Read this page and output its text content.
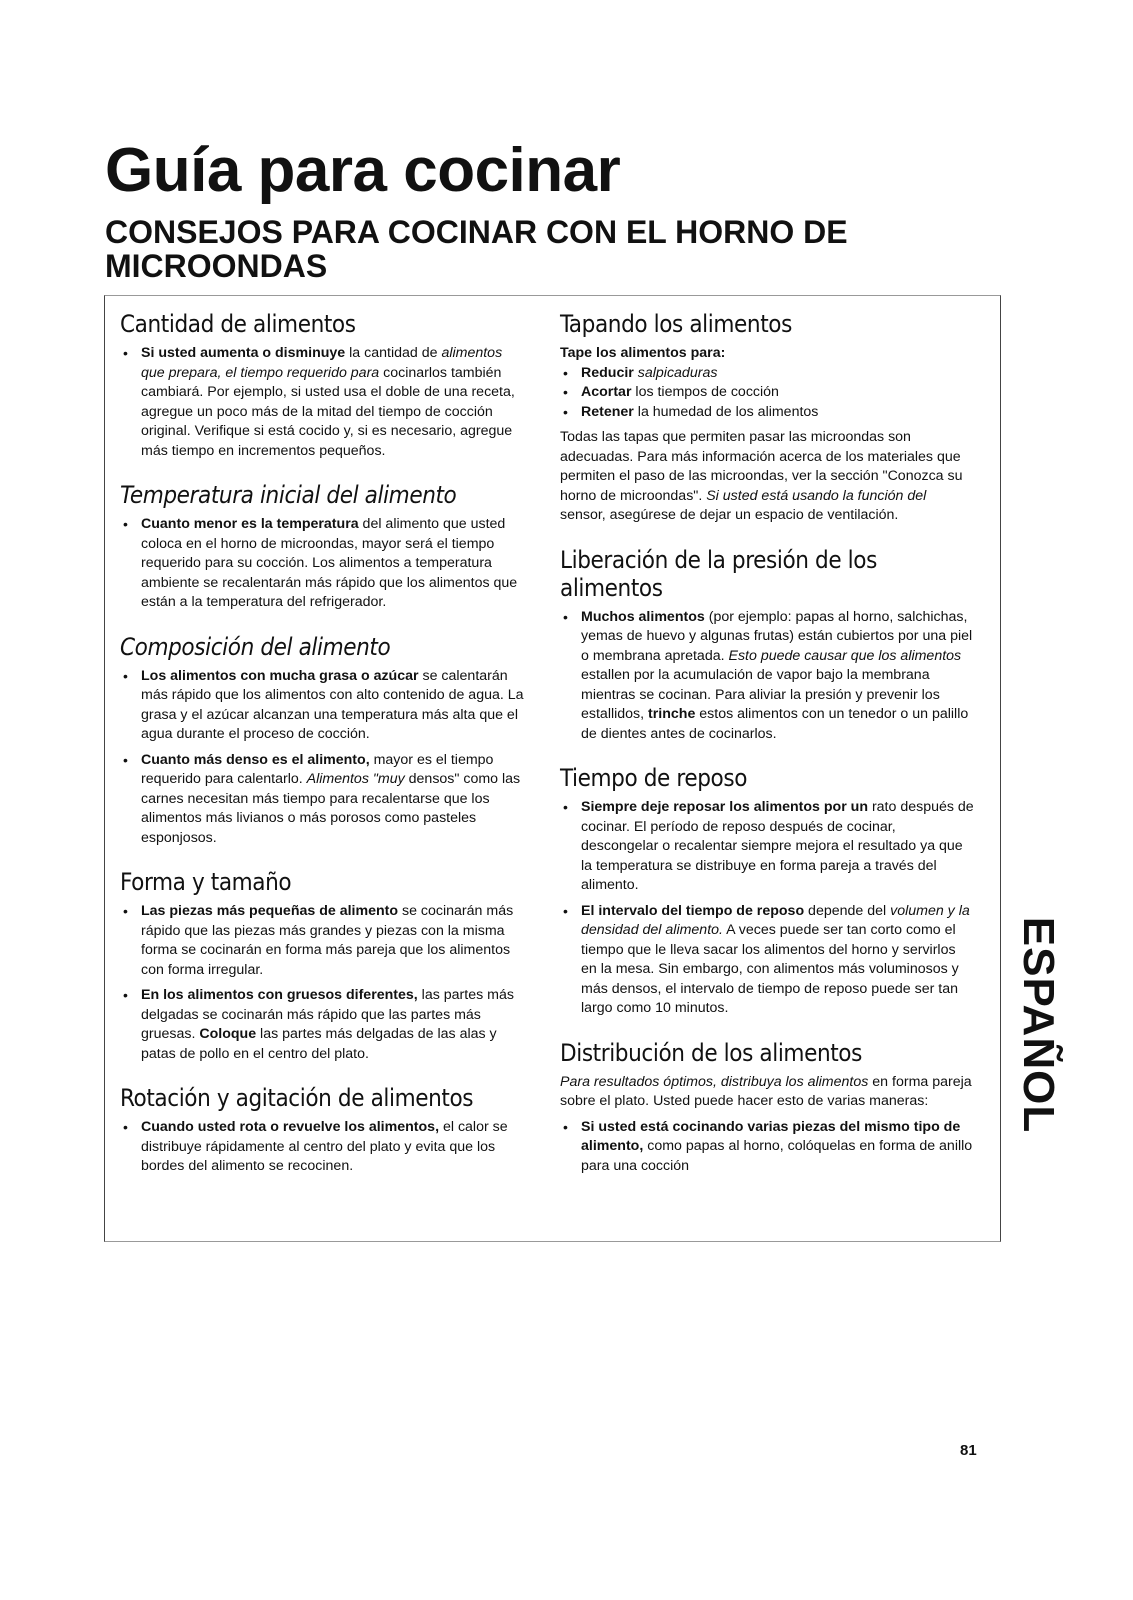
Guía para cocinar
CONSEJOS PARA COCINAR CON EL HORNO DE MICROONDAS
Cantidad de alimentos

• Si usted aumenta o disminuye la cantidad de alimentos que prepara, el tiempo requerido para cocinarlos también cambiará. Por ejemplo, si usted usa el doble de una receta, agregue un poco más de la mitad del tiempo de cocción original. Verifique si está cocido y, si es necesario, agregue más tiempo en incrementos pequeños.

Temperatura inicial del alimento

• Cuanto menor es la temperatura del alimento que usted coloca en el horno de microondas, mayor será el tiempo requerido para su cocción. Los alimentos a temperatura ambiente se recalentarán más rápido que los alimentos que están a la temperatura del refrigerador.

Composición del alimento

• Los alimentos con mucha grasa o azúcar se calentarán más rápido que los alimentos con alto contenido de agua. La grasa y el azúcar alcanzan una temperatura más alta que el agua durante el proceso de cocción.

• Cuanto más denso es el alimento, mayor es el tiempo requerido para calentarlo. Alimentos "muy densos" como las carnes necesitan más tiempo para recalentarse que los alimentos más livianos o más porosos como pasteles esponjosos.

Forma y tamaño

• Las piezas más pequeñas de alimento se cocinarán más rápido que las piezas más grandes y piezas con la misma forma se cocinarán en forma más pareja que los alimentos con forma irregular.

• En los alimentos con gruesos diferentes, las partes más delgadas se cocinarán más rápido que las partes más gruesas. Coloque las partes más delgadas de las alas y patas de pollo en el centro del plato.

Rotación y agitación de alimentos

• Cuando usted rota o revuelve los alimentos, el calor se distribuye rápidamente al centro del plato y evita que los bordes del alimento se recocinen.

Tapando los alimentos

Tape los alimentos para:

• Reducir salpicaduras

• Acortar los tiempos de cocción

• Retener la humedad de los alimentos

Todas las tapas que permiten pasar las microondas son adecuadas. Para más información acerca de los materiales que permiten el paso de las microondas, ver la sección "Conozca su horno de microondas". Si usted está usando la función del sensor, asegúrese de dejar un espacio de ventilación.

Liberación de la presión de los alimentos

• Muchos alimentos (por ejemplo: papas al horno, salchichas, yemas de huevo y algunas frutas) están cubiertos por una piel o membrana apretada. Esto puede causar que los alimentos estallen por la acumulación de vapor bajo la membrana mientras se cocinan. Para aliviar la presión y prevenir los estallidos, trinche estos alimentos con un tenedor o un palillo de dientes antes de cocinarlos.

Tiempo de reposo

• Siempre deje reposar los alimentos por un rato después de cocinar. El período de reposo después de cocinar, descongelar o recalentar siempre mejora el resultado ya que la temperatura se distribuye en forma pareja a través del alimento.

• El intervalo del tiempo de reposo depende del volumen y la densidad del alimento. A veces puede ser tan corto como el tiempo que le lleva sacar los alimentos del horno y servirlos en la mesa. Sin embargo, con alimentos más voluminosos y más densos, el intervalo de tiempo de reposo puede ser tan largo como 10 minutos.

Distribución de los alimentos

Para resultados óptimos, distribuya los alimentos en forma pareja sobre el plato. Usted puede hacer esto de varias maneras:

• Si usted está cocinando varias piezas del mismo tipo de alimento, como papas al horno, colóquelas en forma de anillo para una cocción

ESPAÑOL
81
